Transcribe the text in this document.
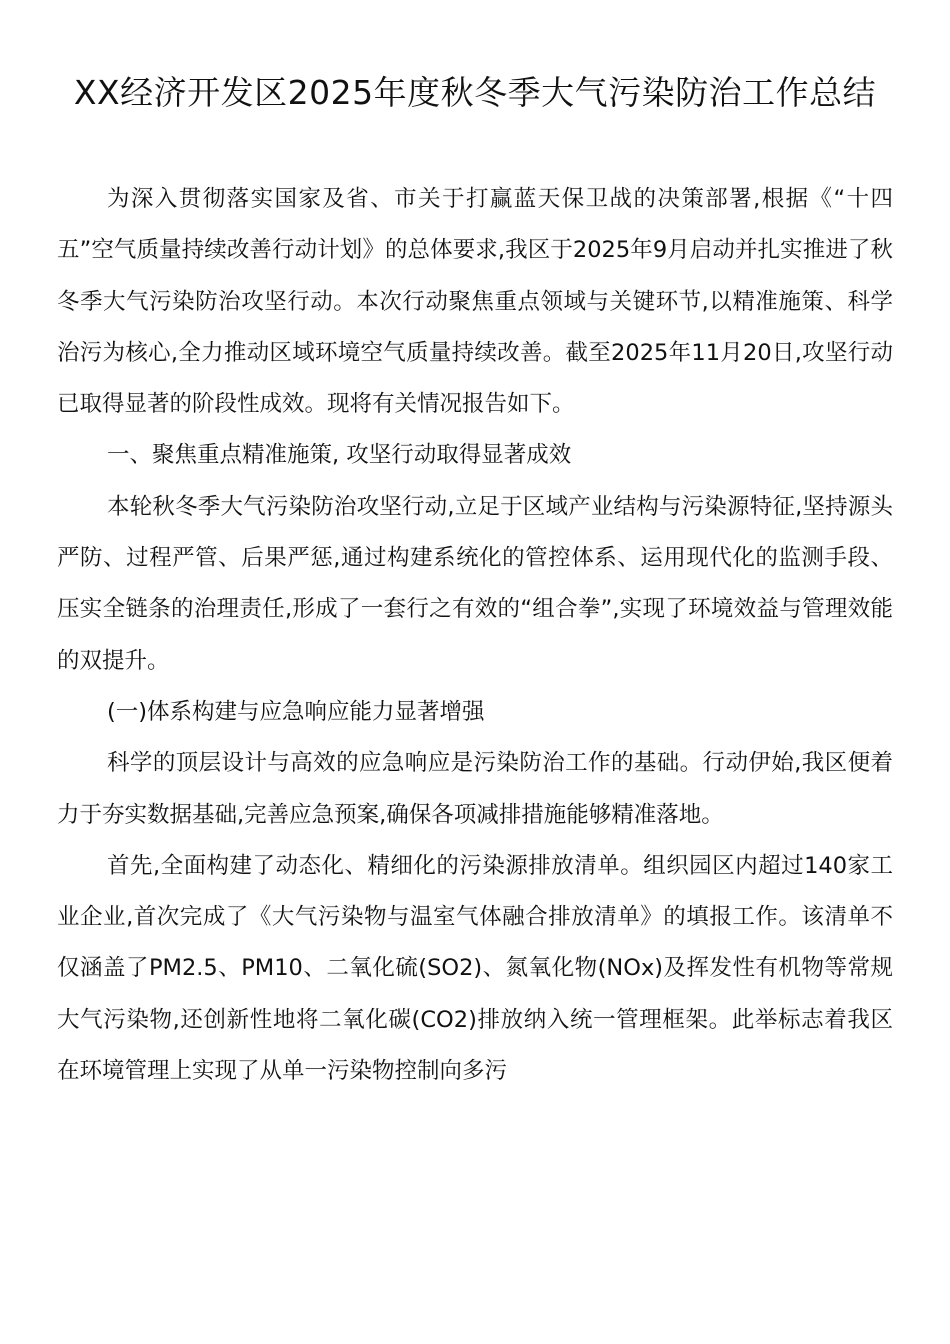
XX经济开发区2025年度秋冬季大气污染防治工作总结

为深入贯彻落实国家及省、市关于打赢蓝天保卫战的决策部署,根据《“十四五”空气质量持续改善行动计划》的总体要求,我区于2025年9月启动并扎实推进了秋冬季大气污染防治攻坚行动。本次行动聚焦重点领域与关键环节,以精准施策、科学治污为核心,全力推动区域环境空气质量持续改善。截至2025年11月20日,攻坚行动已取得显著的阶段性成效。现将有关情况报告如下。

一、聚焦重点精准施策, 攻坚行动取得显著成效

本轮秋冬季大气污染防治攻坚行动,立足于区域产业结构与污染源特征,坚持源头严防、过程严管、后果严惩,通过构建系统化的管控体系、运用现代化的监测手段、压实全链条的治理责任,形成了一套行之有效的“组合拳”,实现了环境效益与管理效能的双提升。

(一)体系构建与应急响应能力显著增强

科学的顶层设计与高效的应急响应是污染防治工作的基础。行动伊始,我区便着力于夯实数据基础,完善应急预案,确保各项减排措施能够精准落地。

首先,全面构建了动态化、精细化的污染源排放清单。组织园区内超过140家工业企业,首次完成了《大气污染物与温室气体融合排放清单》的填报工作。该清单不仅涵盖了PM2.5、PM10、二氧化硫(SO2)、氮氧化物(NOx)及挥发性有机物等常规大气污染物,还创新性地将二氧化碳(CO2)排放纳入统一管理框架。此举标志着我区在环境管理上实现了从单一污染物控制向多污
